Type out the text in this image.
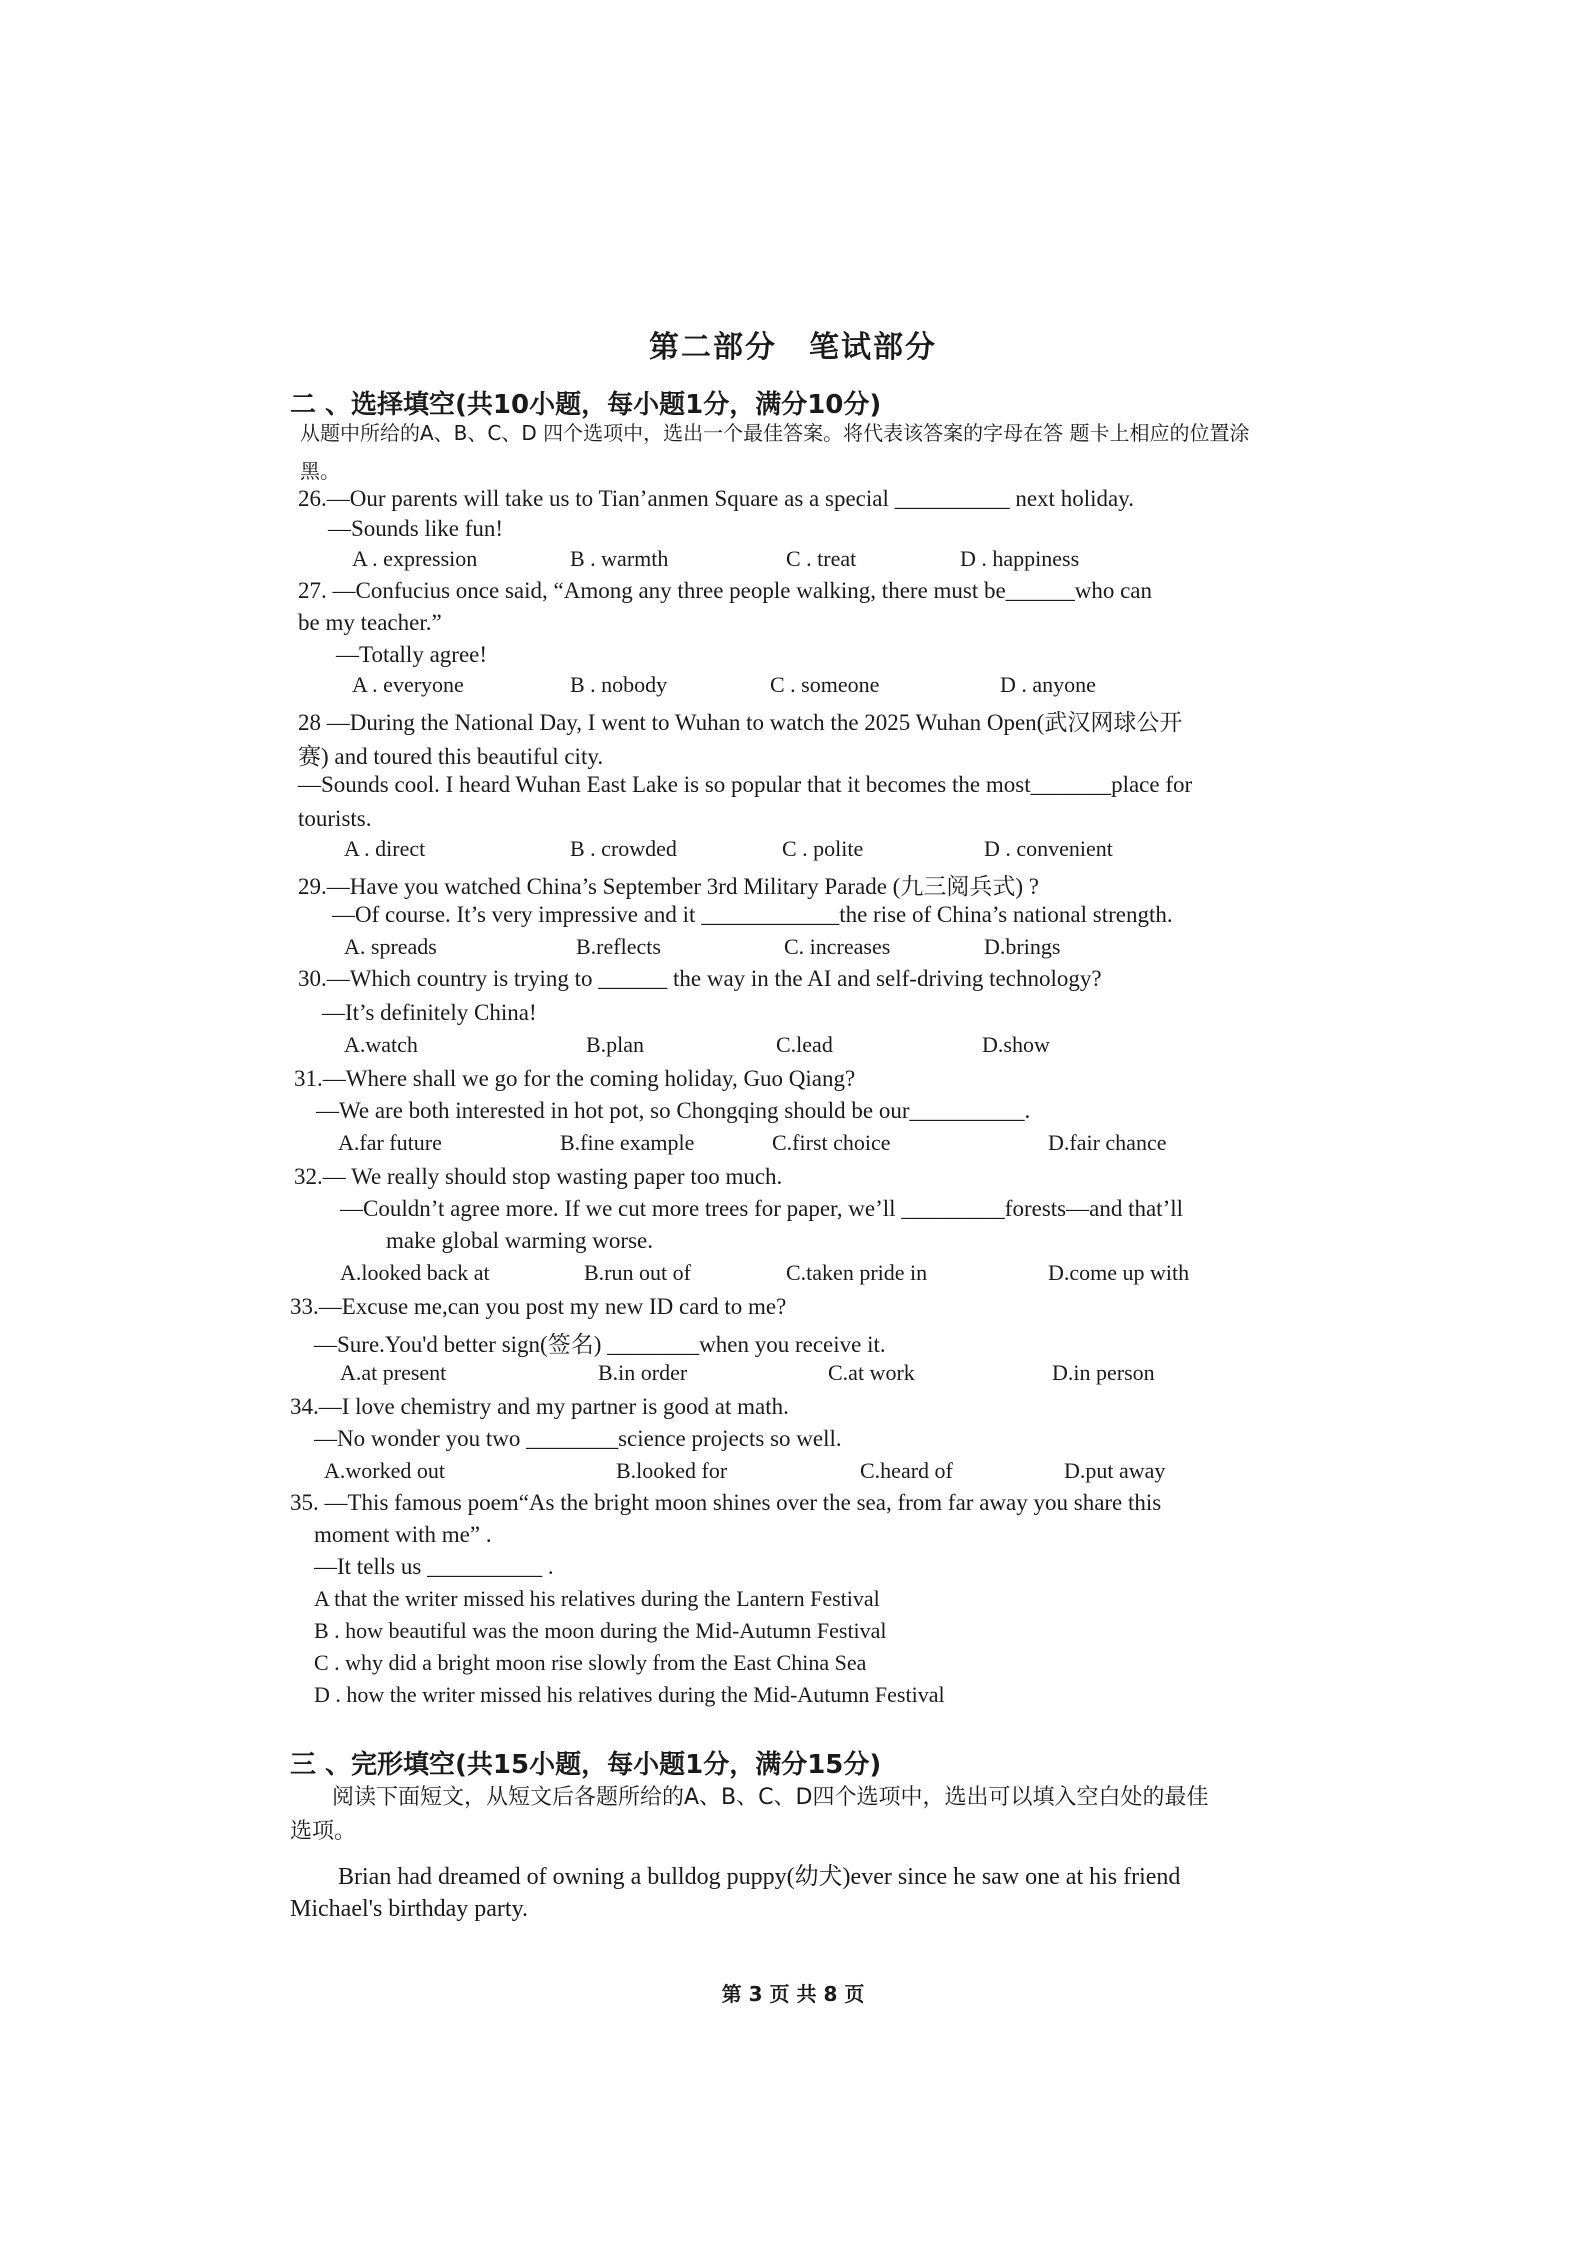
第二部分　笔试部分
二 、选择填空(共10小题，每小题1分，满分10分)
从题中所给的A、B、C、D 四个选项中，选出一个最佳答案。将代表该答案的字母在答 题卡上相应的位置涂黑。
26.—Our parents will take us to Tian’anmen Square as a special __________ next holiday.
—Sounds like fun!
A . expression	B . warmth	C . treat	D . happiness
27. —Confucius once said, “Among any three people walking, there must be______who can
be my teacher.”
—Totally agree!
A . everyone	B . nobody	C . someone	D . anyone
28 —During the National Day, I went to Wuhan to watch the 2025 Wuhan Open(武汉网球公开
赛) and toured this beautiful city.
—Sounds cool. I heard Wuhan East Lake is so popular that it becomes the most_______place for
tourists.
A . direct	B . crowded	C . polite	D . convenient
29.—Have you watched China’s September 3rd Military Parade (九三阅兵式) ?
—Of course. It’s very impressive and it ____________the rise of China’s national strength.
A. spreads	B.reflects	C. increases	D.brings
30.—Which country is trying to ______ the way in the AI and self-driving technology?
—It’s definitely China!
A.watch	B.plan	C.lead	D.show
31.—Where shall we go for the coming holiday, Guo Qiang?
—We are both interested in hot pot, so Chongqing should be our__________.
A.far future	B.fine example	C.first choice	D.fair chance
32.— We really should stop wasting paper too much.
—Couldn’t agree more. If we cut more trees for paper, we’ll _________forests—and that’ll
make global warming worse.
A.looked back at	B.run out of	C.taken pride in	D.come up with
33.—Excuse me,can you post my new ID card to me?
—Sure.You'd better sign(签名) ________when you receive it.
A.at present	B.in order	C.at work	D.in person
34.—I love chemistry and my partner is good at math.
—No wonder you two ________science projects so well.
A.worked out	B.looked for	C.heard of	D.put away
35. —This famous poem“As the bright moon shines over the sea, from far away you share this
moment with me” .
—It tells us __________ .
A that the writer missed his relatives during the Lantern Festival
B . how beautiful was the moon during the Mid-Autumn Festival
C . why did a bright moon rise slowly from the East China Sea
D . how the writer missed his relatives during the Mid-Autumn Festival
三 、完形填空(共15小题，每小题1分，满分15分)
阅读下面短文，从短文后各题所给的A、B、C、D四个选项中，选出可以填入空白处的最佳
选项。
Brian had dreamed of owning a bulldog puppy(幼犬)ever since he saw one at his friend
Michael's birthday party.
第 3 页 共 8 页
